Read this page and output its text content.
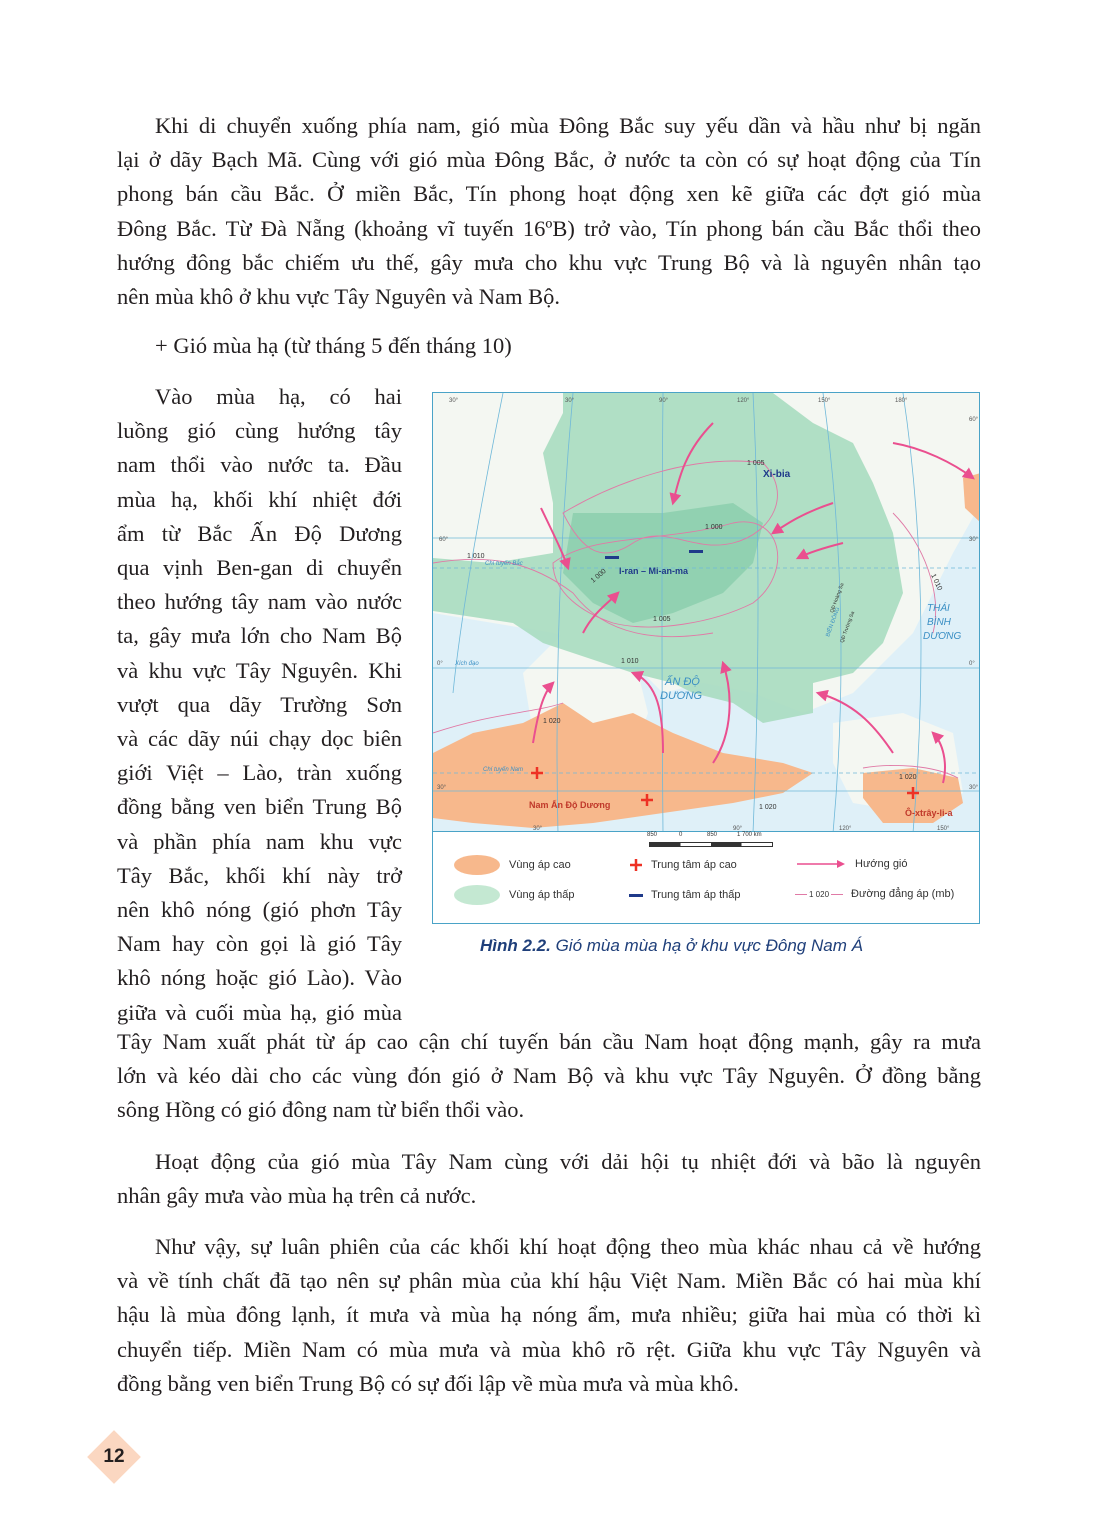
Khi di chuyển xuống phía nam, gió mùa Đông Bắc suy yếu dần và hầu như bị ngăn
lại ở dãy Bạch Mã. Cùng với gió mùa Đông Bắc, ở nước ta còn có sự hoạt động của Tín
phong bán cầu Bắc. Ở miền Bắc, Tín phong hoạt động xen kẽ giữa các đợt gió mùa
Đông Bắc. Từ Đà Nẵng (khoảng vĩ tuyến 16ºB) trở vào, Tín phong bán cầu Bắc thổi theo
hướng đông bắc chiếm ưu thế, gây mưa cho khu vực Trung Bộ và là nguyên nhân tạo
nên mùa khô ở khu vực Tây Nguyên và Nam Bộ.
+ Gió mùa hạ (từ tháng 5 đến tháng 10)
Vào mùa hạ, có hai
luồng gió cùng hướng tây
nam thổi vào nước ta. Đầu
mùa hạ, khối khí nhiệt đới
ẩm từ Bắc Ấn Độ Dương
qua vịnh Ben-gan di chuyển
theo hướng tây nam vào nước
ta, gây mưa lớn cho Nam Bộ
và khu vực Tây Nguyên. Khi
vượt qua dãy Trường Sơn
và các dãy núi chạy dọc biên
giới Việt – Lào, tràn xuống
đồng bằng ven biển Trung Bộ
và phần phía nam khu vực
Tây Bắc, khối khí này trở
nên khô nóng (gió phơn Tây
Nam hay còn gọi là gió Tây
khô nóng hoặc gió Lào). Vào
giữa và cuối mùa hạ, gió mùa
Xi-bia
I-ran – Mi-an-ma
ẤN ĐỘ
DƯƠNG
THÁI
BÌNH
DƯƠNG
Nam Ấn Độ Dương
Ô-xtrây-li-a
Chí tuyến Bắc
Chí tuyến Nam
Xích đạo
BIỂN ĐÔNG
QĐ Hoàng Sa
QĐ Trường Sa
1 005
1 000
1 010
1 000
1 005
1 010
1 010
1 020
1 020
1 020
30°	90°	120°	150°	180°
60°
30°
0°
30°
30°
60°
90°	120°	150°
30°
0°
30°
850	0	850	1 700 km
Vùng áp cao
Vùng áp thấp
Trung tâm áp cao
Trung tâm áp thấp
Hướng gió
1 020 Đường đẳng áp (mb)
Hình 2.2. Gió mùa mùa hạ ở khu vực Đông Nam Á
Tây Nam xuất phát từ áp cao cận chí tuyến bán cầu Nam hoạt động mạnh, gây ra mưa
lớn và kéo dài cho các vùng đón gió ở Nam Bộ và khu vực Tây Nguyên. Ở đồng bằng
sông Hồng có gió đông nam từ biển thổi vào.
Hoạt động của gió mùa Tây Nam cùng với dải hội tụ nhiệt đới và bão là nguyên
nhân gây mưa vào mùa hạ trên cả nước.
Như vậy, sự luân phiên của các khối khí hoạt động theo mùa khác nhau cả về hướng
và về tính chất đã tạo nên sự phân mùa của khí hậu Việt Nam. Miền Bắc có hai mùa khí
hậu là mùa đông lạnh, ít mưa và mùa hạ nóng ẩm, mưa nhiều; giữa hai mùa có thời kì
chuyển tiếp. Miền Nam có mùa mưa và mùa khô rõ rệt. Giữa khu vực Tây Nguyên và
đồng bằng ven biển Trung Bộ có sự đối lập về mùa mưa và mùa khô.
12
